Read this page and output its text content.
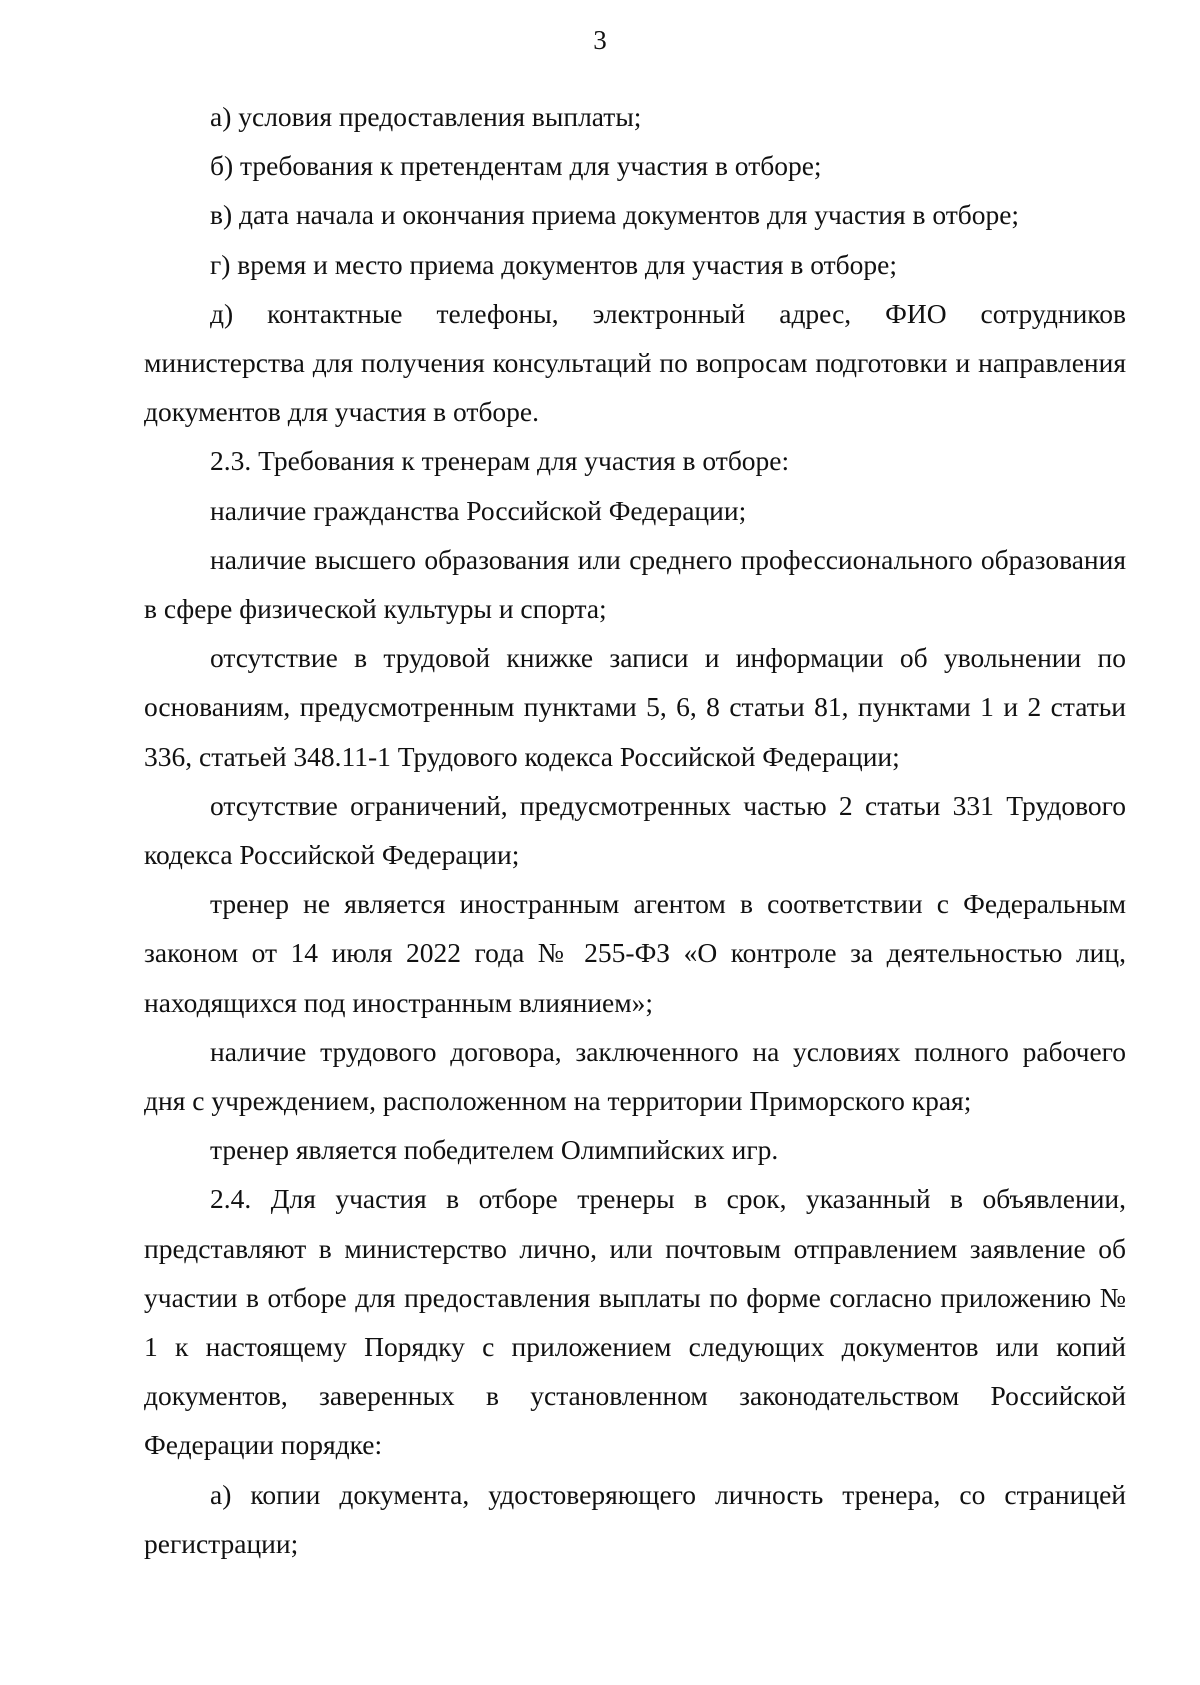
3

а) условия предоставления выплаты;

б) требования к претендентам для участия в отборе;

в) дата начала и окончания приема документов для участия в отборе;

г) время и место приема документов для участия в отборе;

д) контактные телефоны, электронный адрес, ФИО сотрудников министерства для получения консультаций по вопросам подготовки и направления документов для участия в отборе.

2.3. Требования к тренерам для участия в отборе:

наличие гражданства Российской Федерации;

наличие высшего образования или среднего профессионального образования в сфере физической культуры и спорта;

отсутствие в трудовой книжке записи и информации об увольнении по основаниям, предусмотренным пунктами 5, 6, 8 статьи 81, пунктами 1 и 2 статьи 336, статьей 348.11-1 Трудового кодекса Российской Федерации;

отсутствие ограничений, предусмотренных частью 2 статьи 331 Трудового кодекса Российской Федерации;

тренер не является иностранным агентом в соответствии с Федеральным законом от 14 июля 2022 года № 255-ФЗ «О контроле за деятельностью лиц, находящихся под иностранным влиянием»;

наличие трудового договора, заключенного на условиях полного рабочего дня с учреждением, расположенном на территории Приморского края;

тренер является победителем Олимпийских игр.

2.4. Для участия в отборе тренеры в срок, указанный в объявлении, представляют в министерство лично, или почтовым отправлением заявление об участии в отборе для предоставления выплаты по форме согласно приложению № 1 к настоящему Порядку с приложением следующих документов или копий документов, заверенных в установленном законодательством Российской Федерации порядке:

а) копии документа, удостоверяющего личность тренера, со страницей регистрации;
